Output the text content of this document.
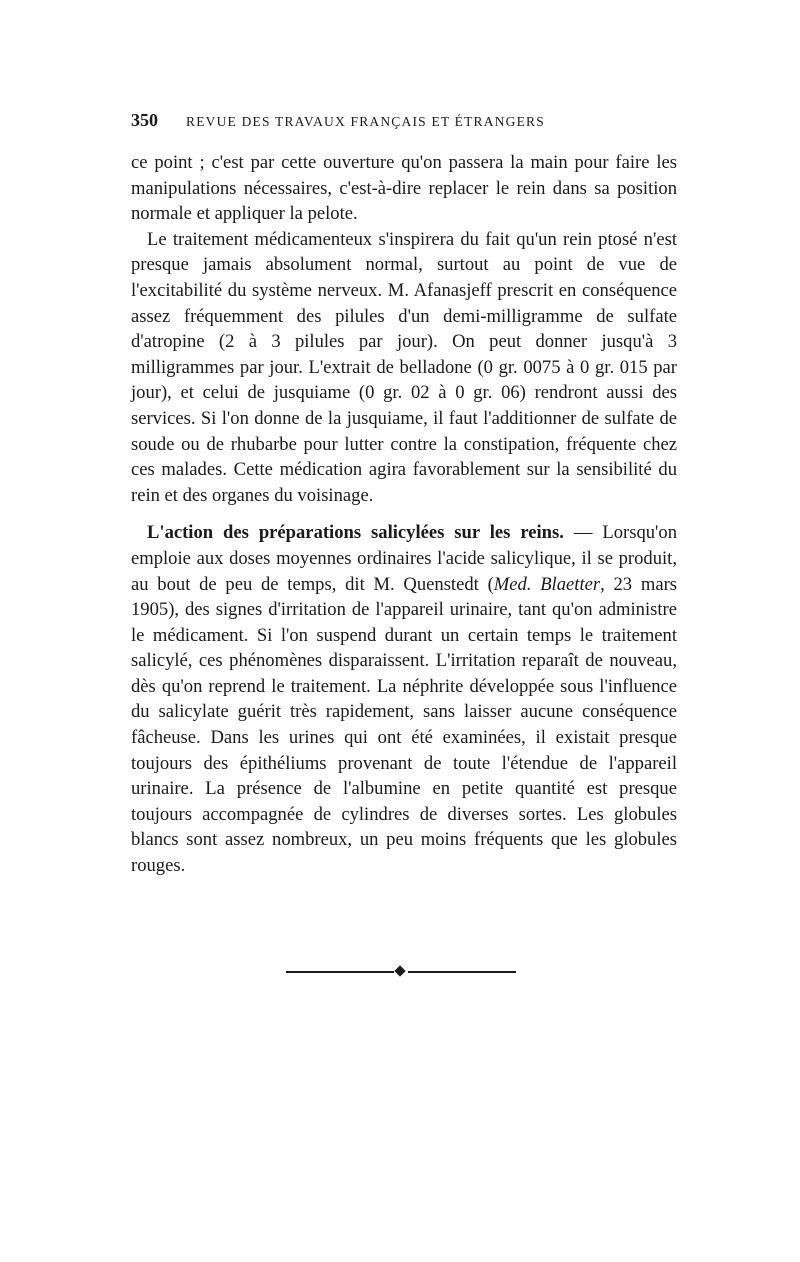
350 REVUE DES TRAVAUX FRANÇAIS ET ÉTRANGERS

ce point ; c'est par cette ouverture qu'on passera la main pour faire les manipulations nécessaires, c'est-à-dire replacer le rein dans sa position normale et appliquer la pelote.

Le traitement médicamenteux s'inspirera du fait qu'un rein ptosé n'est presque jamais absolument normal, surtout au point de vue de l'excitabilité du système nerveux. M. Afanasjeff prescrit en conséquence assez fréquemment des pilules d'un demi-milligramme de sulfate d'atropine (2 à 3 pilules par jour). On peut donner jusqu'à 3 milligrammes par jour. L'extrait de belladone (0 gr. 0075 à 0 gr. 015 par jour), et celui de jusquiame (0 gr. 02 à 0 gr. 06) rendront aussi des services. Si l'on donne de la jusquiame, il faut l'additionner de sulfate de soude ou de rhubarbe pour lutter contre la constipation, fréquente chez ces malades. Cette médication agira favorablement sur la sensibilité du rein et des organes du voisinage.

L'action des préparations salicylées sur les reins. — Lorsqu'on emploie aux doses moyennes ordinaires l'acide salicylique, il se produit, au bout de peu de temps, dit M. Quenstedt (Med. Blaetter, 23 mars 1905), des signes d'irritation de l'appareil urinaire, tant qu'on administre le médicament. Si l'on suspend durant un certain temps le traitement salicylé, ces phénomènes disparaissent. L'irritation reparaît de nouveau, dès qu'on reprend le traitement. La néphrite développée sous l'influence du salicylate guérit très rapidement, sans laisser aucune conséquence fâcheuse. Dans les urines qui ont été examinées, il existait presque toujours des épithéliums provenant de toute l'étendue de l'appareil urinaire. La présence de l'albumine en petite quantité est presque toujours accompagnée de cylindres de diverses sortes. Les globules blancs sont assez nombreux, un peu moins fréquents que les globules rouges.
